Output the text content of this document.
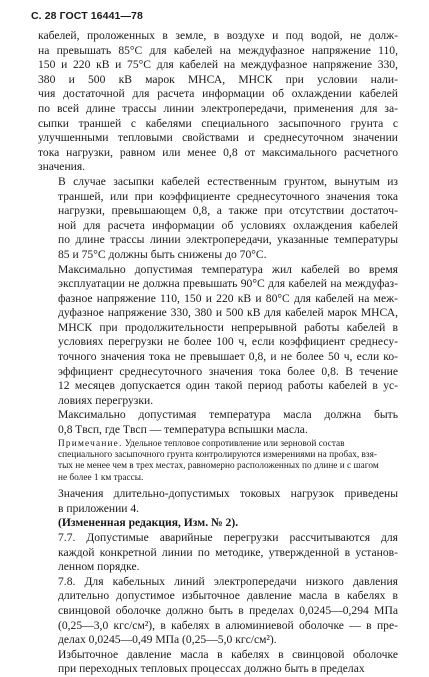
С. 28 ГОСТ 16441—78
кабелей, проложенных в земле, в воздухе и под водой, не долж-
на превышать 85°С для кабелей на междуфазное напряжение 110,
150 и 220 кВ и 75°С для кабелей на междуфазное напряжение 330,
380 и 500 кВ марок МНСА, МНСК при условии нали-
чия достаточной для расчета информации об охлаждении кабелей
по всей длине трассы линии электропередачи, применения для за-
сыпки траншей с кабелями специального засыпочного грунта с
улучшенными тепловыми свойствами и среднесуточном значении
тока нагрузки, равном или менее 0,8 от максимального расчетного
значения.
В случае засыпки кабелей естественным грунтом, вынутым из
траншей, или при коэффициенте среднесуточного значения тока
нагрузки, превышающем 0,8, а также при отсутствии достаточ-
ной для расчета информации об условиях охлаждения кабелей
по длине трассы линии электропередачи, указанные температуры
85 и 75°С должны быть снижены до 70°С.
Максимально допустимая температура жил кабелей во время
эксплуатации не должна превышать 90°С для кабелей на междуфаз-
фазное напряжение 110, 150 и 220 кВ и 80°С для кабелей на меж-
дуфазное напряжение 330, 380 и 500 кВ для кабелей марок МНСА,
МНСК при продолжительности непрерывной работы кабелей в
условиях перегрузки не более 100 ч, если коэффициент среднесу-
точного значения тока не превышает 0,8, и не более 50 ч, если ко-
эффициент среднесуточного значения тока более 0,8. В течение
12 месяцев допускается один такой период работы кабелей в ус-
ловиях перегрузки.
Максимально допустимая температура масла должна быть
0,8 Tвсп, где Tвсп — температура вспышки масла.
Примечание. Удельное тепловое сопротивление или зерновой состав
специального засыпочного грунта контролируются измерениями на пробах, взя-
тых не менее чем в трех местах, равномерно расположенных по длине и с шагом
не более 1 км трассы.
Значения длительно-допустимых токовых нагрузок приведены
в приложении 4.
(Измененная редакция, Изм. № 2).
7.7. Допустимые аварийные перегрузки рассчитываются для
каждой конкретной линии по методике, утвержденной в установ-
ленном порядке.
7.8. Для кабельных линий электропередачи низкого давления
длительно допустимое избыточное давление масла в кабелях в
свинцовой оболочке должно быть в пределах 0,0245—0,294 МПа
(0,25—3,0 кгс/см²), в кабелях в алюминиевой оболочке — в пре-
делах 0,0245—0,49 МПа (0,25—5,0 кгс/см²).
Избыточное давление масла в кабелях в свинцовой оболочке
при переходных тепловых процессах должно быть в пределах
